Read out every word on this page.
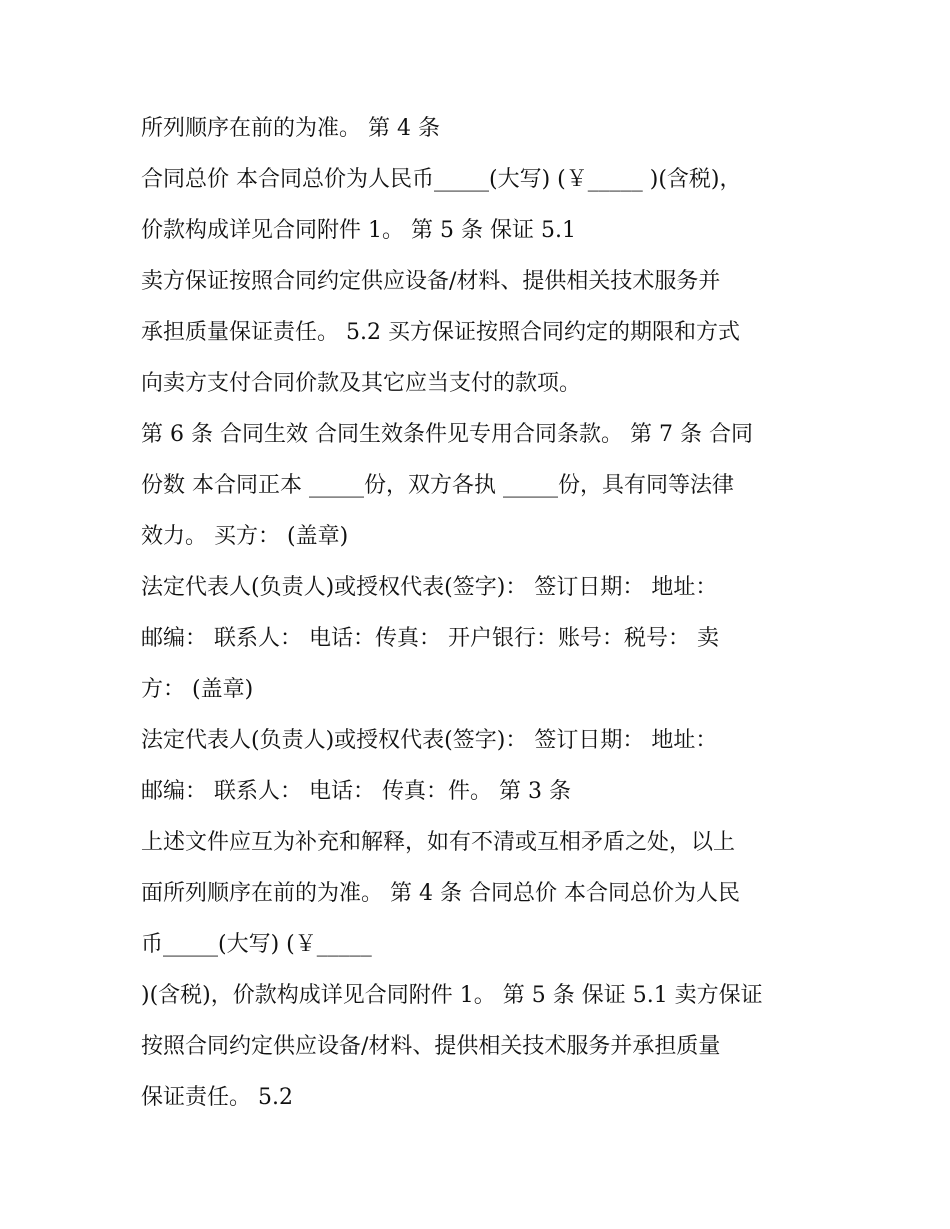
所列顺序在前的为准。 第 4 条
合同总价 本合同总价为人民币_____(大写) (￥_____ )(含税)，
价款构成详见合同附件 1。 第 5 条 保证 5.1
卖方保证按照合同约定供应设备/材料、提供相关技术服务并
承担质量保证责任。 5.2 买方保证按照合同约定的期限和方式
向卖方支付合同价款及其它应当支付的款项。
第 6 条 合同生效 合同生效条件见专用合同条款。 第 7 条 合同
份数 本合同正本 _____份，双方各执 _____份，具有同等法律
效力。 买方： (盖章)
法定代表人(负责人)或授权代表(签字)： 签订日期： 地址：
邮编： 联系人： 电话：传真： 开户银行：账号：税号： 卖
方： (盖章)
法定代表人(负责人)或授权代表(签字)： 签订日期： 地址：
邮编： 联系人： 电话： 传真：件。 第 3 条
上述文件应互为补充和解释，如有不清或互相矛盾之处，以上
面所列顺序在前的为准。 第 4 条 合同总价 本合同总价为人民
币_____(大写) (￥_____
)(含税)，价款构成详见合同附件 1。 第 5 条 保证 5.1 卖方保证
按照合同约定供应设备/材料、提供相关技术服务并承担质量
保证责任。 5.2
